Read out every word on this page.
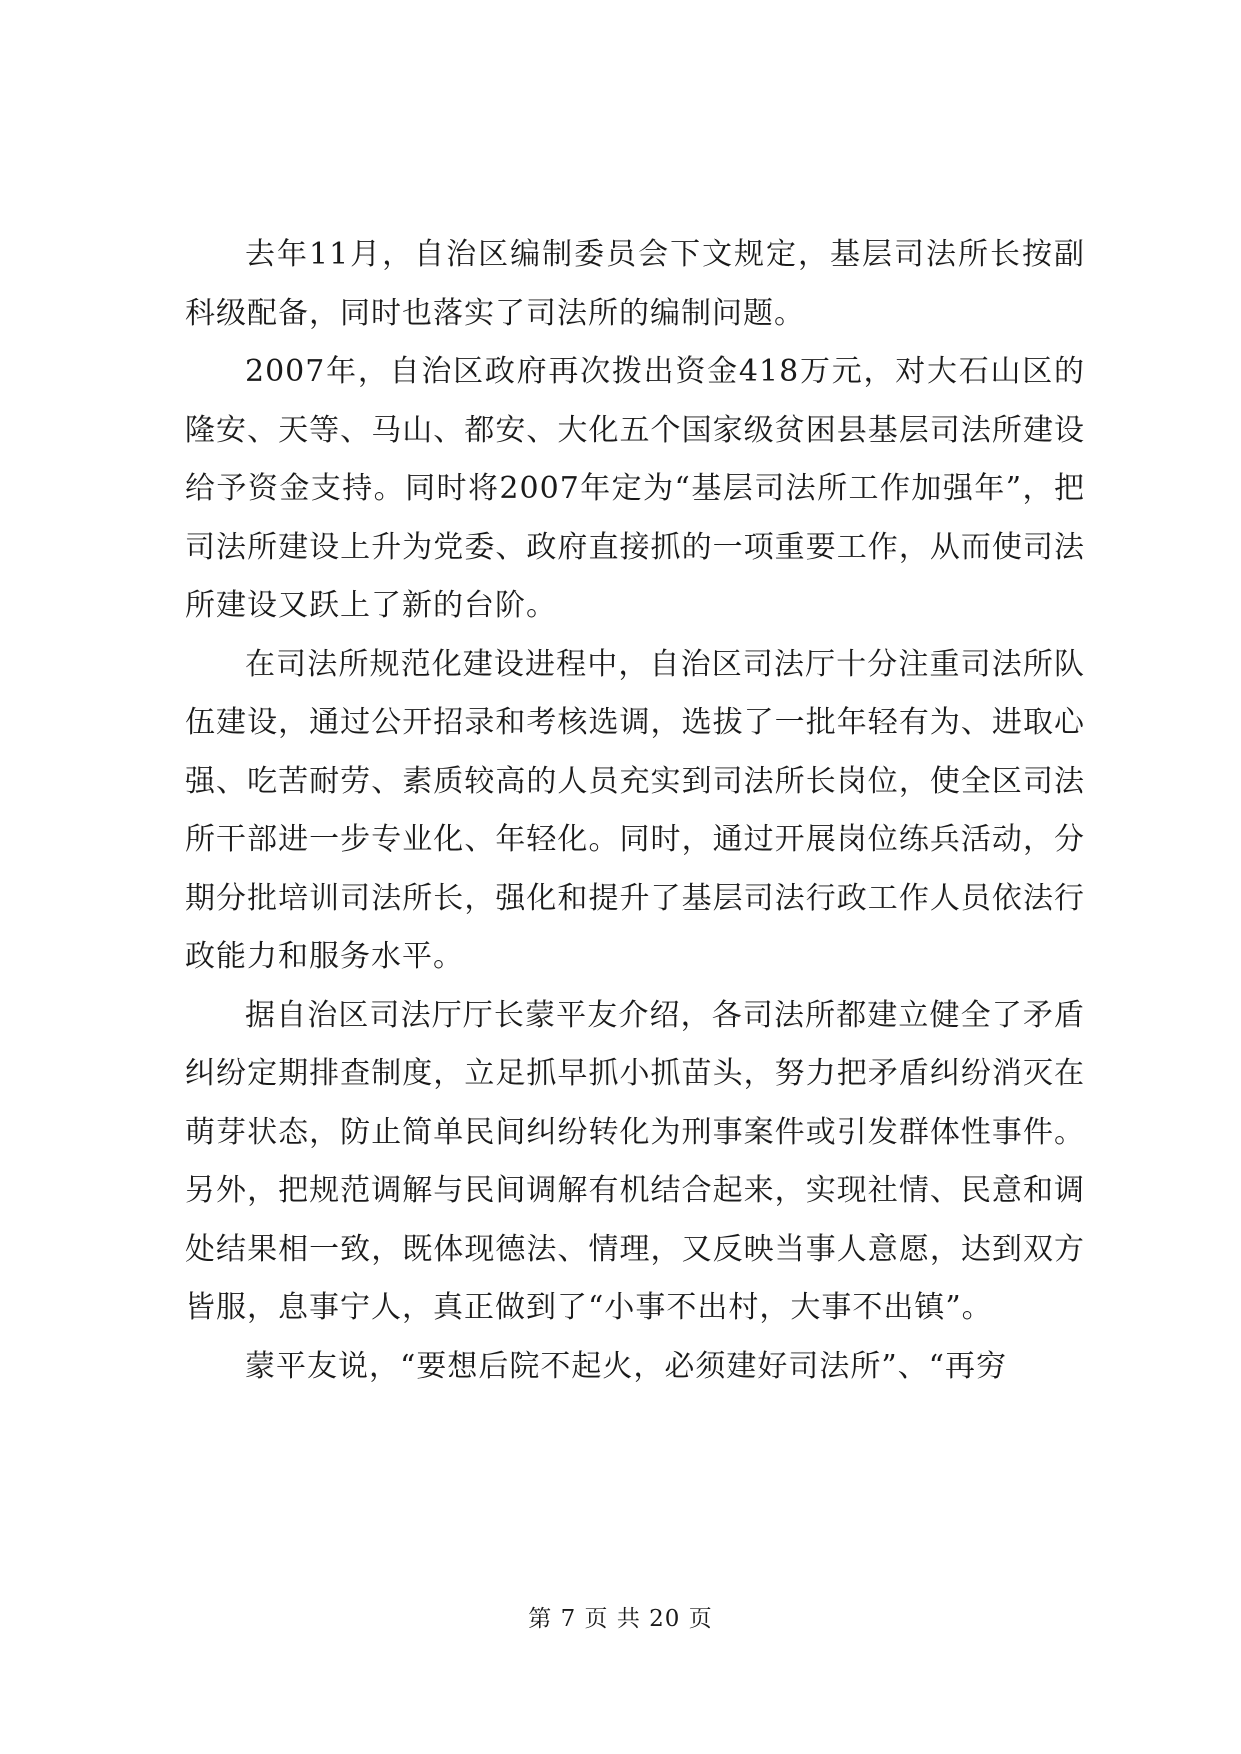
去年11月，自治区编制委员会下文规定，基层司法所长按副科级配备，同时也落实了司法所的编制问题。

2007年，自治区政府再次拨出资金418万元，对大石山区的隆安、天等、马山、都安、大化五个国家级贫困县基层司法所建设给予资金支持。同时将2007年定为“基层司法所工作加强年”，把司法所建设上升为党委、政府直接抓的一项重要工作，从而使司法所建设又跃上了新的台阶。

在司法所规范化建设进程中，自治区司法厅十分注重司法所队伍建设，通过公开招录和考核选调，选拔了一批年轻有为、进取心强、吃苦耐劳、素质较高的人员充实到司法所长岗位，使全区司法所干部进一步专业化、年轻化。同时，通过开展岗位练兵活动，分期分批培训司法所长，强化和提升了基层司法行政工作人员依法行政能力和服务水平。

据自治区司法厅厅长蒙平友介绍，各司法所都建立健全了矛盾纠纷定期排查制度，立足抓早抓小抓苗头，努力把矛盾纠纷消灭在萌芽状态，防止简单民间纠纷转化为刑事案件或引发群体性事件。另外，把规范调解与民间调解有机结合起来，实现社情、民意和调处结果相一致，既体现德法、情理，又反映当事人意愿，达到双方皆服，息事宁人，真正做到了“小事不出村，大事不出镇”。

蒙平友说，“要想后院不起火，必须建好司法所”、“再穷

第 7 页 共 20 页
